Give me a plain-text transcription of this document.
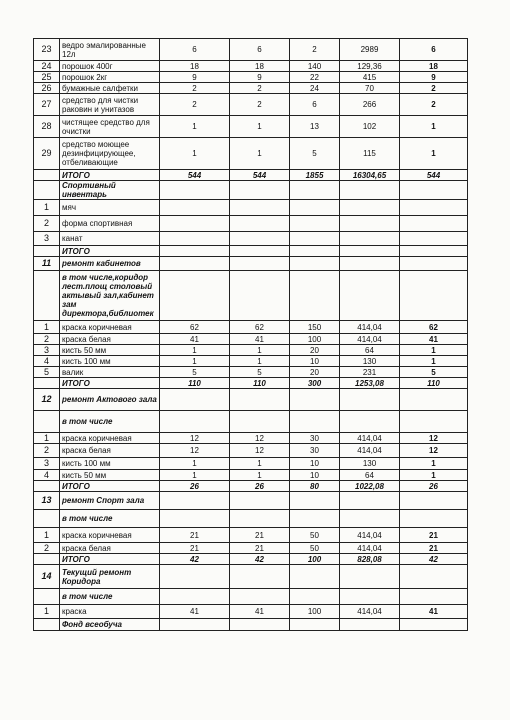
23	ведро эмалированные 12л	6	6	2	2989	6
24	порошок 400г	18	18	140	129,36	18
25	порошок 2кг	9	9	22	415	9
26	бумажные салфетки	2	2	24	70	2
27	средство для чистки раковин и унитазов	2	2	6	266	2
28	чистящее средство для очистки	1	1	13	102	1
29	средство моющее дезинфицирующее, отбеливающие	1	1	5	115	1
	ИТОГО	544	544	1855	16304,65	544
	Спортивный инвентарь					
1	мяч					
2	форма спортивная					
3	канат					
	ИТОГО					
11	ремонт кабинетов					
	в том числе,коридор лест.площ столовый актывый зал,кабинет зам директора,библиотек					
1	краска коричневая	62	62	150	414,04	62
2	краска белая	41	41	100	414,04	41
3	кисть 50 мм	1	1	20	64	1
4	кисть 100 мм	1	1	10	130	1
5	валик	5	5	20	231	5
	ИТОГО	110	110	300	1253,08	110
12	ремонт Актового зала					
	в том числе					
1	краска коричневая	12	12	30	414,04	12
2	краска белая	12	12	30	414,04	12
3	кисть 100 мм	1	1	10	130	1
4	кисть 50 мм	1	1	10	64	1
	ИТОГО	26	26	80	1022,08	26
13	ремонт Спорт зала					
	в том числе					
1	краска коричневая	21	21	50	414,04	21
2	краска белая	21	21	50	414,04	21
	ИТОГО	42	42	100	828,08	42
14	Текущий ремонт Коридора					
	в том числе					
1	краска	41	41	100	414,04	41
	Фонд всеобуча					
